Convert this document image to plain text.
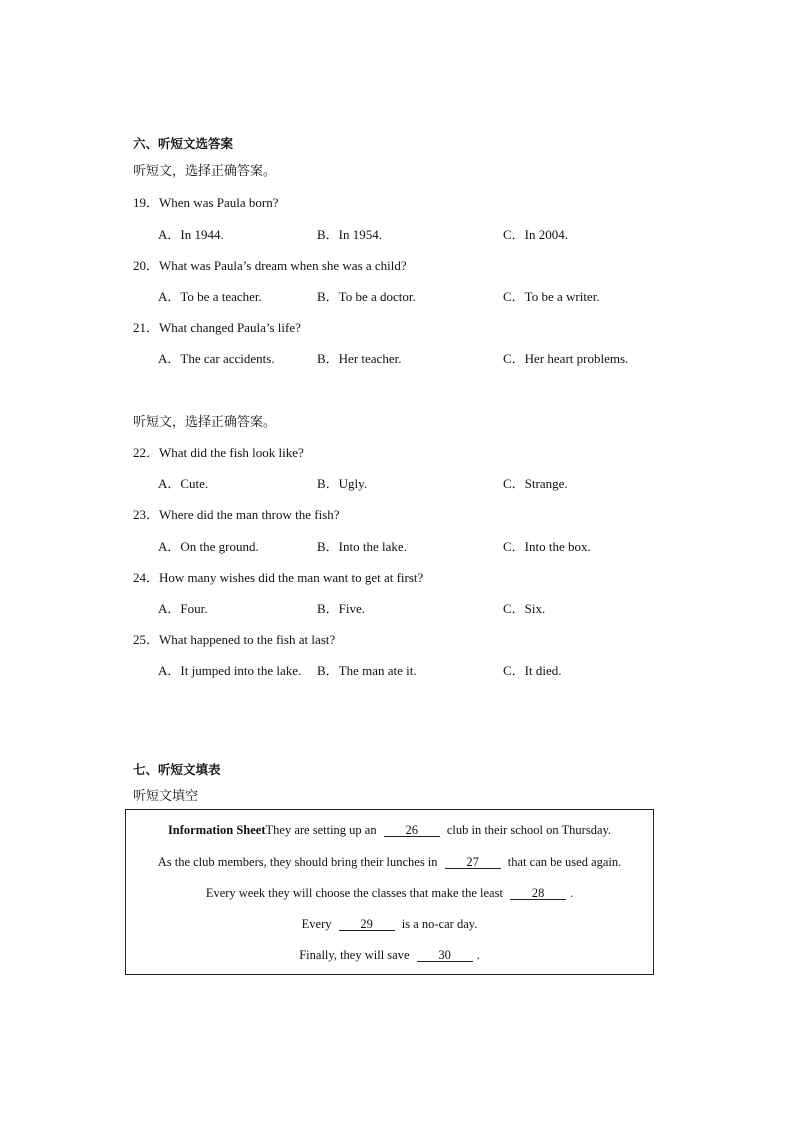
六、听短文选答案
听短文，选择正确答案。
19．When was Paula born?
A．In 1944.	B．In 1954.	C．In 2004.
20．What was Paula’s dream when she was a child?
A．To be a teacher.	B．To be a doctor.	C．To be a writer.
21．What changed Paula’s life?
A．The car accidents.	B．Her teacher.	C．Her heart problems.
听短文，选择正确答案。
22．What did the fish look like?
A．Cute.	B．Ugly.	C．Strange.
23．Where did the man throw the fish?
A．On the ground.	B．Into the lake.	C．Into the box.
24．How many wishes did the man want to get at first?
A．Four.	B．Five.	C．Six.
25．What happened to the fish at last?
A．It jumped into the lake. B．The man ate it.	C．It died.
七、听短文填表
听短文填空
Information SheetThey are setting up an 26 club in their school on Thursday.
As the club members, they should bring their lunches in 27 that can be used again.
Every week they will choose the classes that make the least 28 .
Every 29 is a no-car day.
Finally, they will save 30 .
